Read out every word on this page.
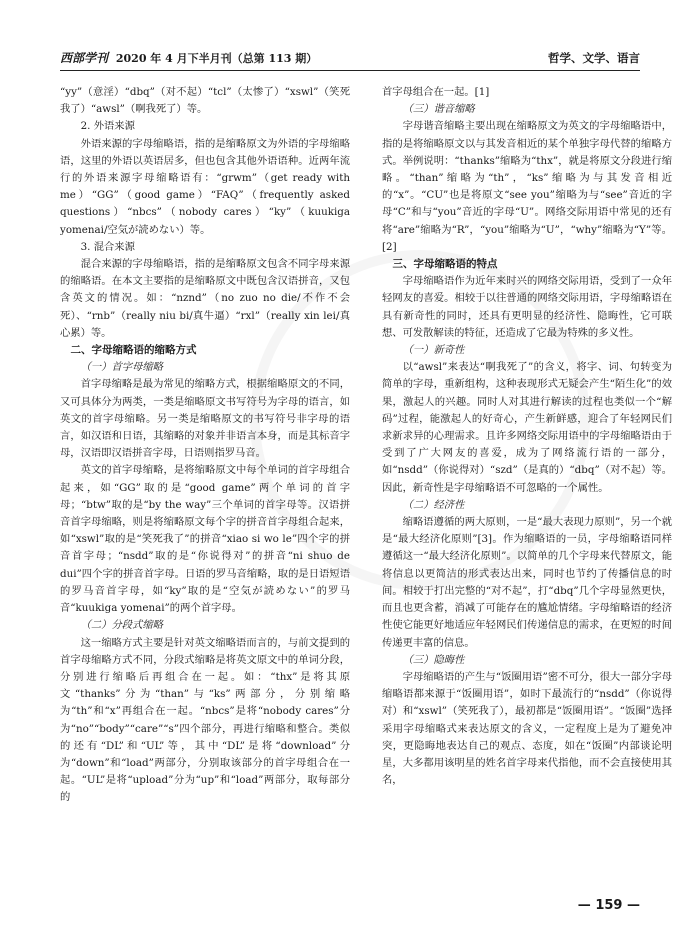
西部学刊 2020 年 4 月下半月刊（总第 113 期）	哲学、文学、语言

“yy”（意淫）“dbq”（对不起）“tcl”（太惨了）“xswl”（笑死我了）“awsl”（啊我死了）等。

2. 外语来源

外语来源的字母缩略语，指的是缩略原文为外语的字母缩略语，这里的外语以英语居多，但也包含其他外语语种。近两年流行的外语来源字母缩略语有：“grwm”（get ready with me）“GG”（good game）“FAQ”（frequently asked questions）“nbcs”（nobody cares）“ky”（kuukiga yomenai/空気が読めない）等。

3. 混合来源

混合来源的字母缩略语，指的是缩略原文包含不同字母来源的缩略语。在本文主要指的是缩略原文中既包含汉语拼音，又包含英文的情况。如：“nznd”（no zuo no die/不作不会死）、“rnb”（really niu bi/真牛逼）“rxl”（really xin lei/真心累）等。

二、字母缩略语的缩略方式

（一）首字母缩略

首字母缩略是最为常见的缩略方式，根据缩略原文的不同，又可具体分为两类，一类是缩略原文书写符号为字母的语言，如英文的首字母缩略。另一类是缩略原文的书写符号非字母的语言，如汉语和日语，其缩略的对象并非语言本身，而是其标音字母，汉语即汉语拼音字母，日语则指罗马音。

英文的首字母缩略，是将缩略原文中每个单词的首字母组合起来，如“GG”取的是“good game”两个单词的首字母；“btw”取的是“by the way”三个单词的首字母等。汉语拼音首字母缩略，则是将缩略原文每个字的拼音首字母组合起来，如“xswl”取的是“笑死我了”的拼音“xiao si wo le”四个字的拼音首字母；“nsdd”取的是“你说得对”的拼音“ni shuo de dui”四个字的拼音首字母。日语的罗马音缩略，取的是日语短语的罗马音首字母，如“ky”取的是“空気が読めない”的罗马音“kuukiga yomenai”的两个首字母。

（二）分段式缩略

这一缩略方式主要是针对英文缩略语而言的，与前文提到的首字母缩略方式不同，分段式缩略是将英文原文中的单词分段，分别进行缩略后再组合在一起。如：“thx”是将其原文“thanks”分为“than”与“ks”两部分，分别缩略为“th”和“x”再组合在一起。“nbcs”是将“nobody cares”分为“no”“body”“care”“s”四个部分，再进行缩略和整合。类似的还有“DL”和“UL”等，其中“DL”是将“download”分为“down”和“load”两部分，分别取该部分的首字母组合在一起。“UL”是将“upload”分为“up”和“load”两部分，取每部分的

首字母组合在一起。[1]

（三）谐音缩略

字母谐音缩略主要出现在缩略原文为英文的字母缩略语中，指的是将缩略原文以与其发音相近的某个单独字母代替的缩略方式。举例说明：“thanks”缩略为“thx”，就是将原文分段进行缩略。“than”缩略为“th”，“ks”缩略为与其发音相近的“x”。“CU”也是将原文“see you”缩略为与“see”音近的字母“C”和与“you”音近的字母“U”。网络交际用语中常见的还有将“are”缩略为“R”，“you”缩略为“U”，“why”缩略为“Y”等。[2]

三、字母缩略语的特点

字母缩略语作为近年来时兴的网络交际用语，受到了一众年轻网友的喜爱。相较于以往普通的网络交际用语，字母缩略语在具有新奇性的同时，还具有更明显的经济性、隐晦性，它可联想、可发散解读的特征，还造成了它最为特殊的多义性。

（一）新奇性

以“awsl”来表达“啊我死了”的含义，将字、词、句转变为简单的字母，重新组构，这种表现形式无疑会产生“陌生化”的效果，激起人的兴趣。同时人对其进行解读的过程也类似一个“解码”过程，能激起人的好奇心，产生新鲜感，迎合了年轻网民们求新求异的心理需求。且许多网络交际用语中的字母缩略语由于受到了广大网友的喜爱，成为了网络流行语的一部分，如“nsdd”（你说得对）“szd”（是真的）“dbq”（对不起）等。因此，新奇性是字母缩略语不可忽略的一个属性。

（二）经济性

缩略语遵循的两大原则，一是“最大表现力原则”，另一个就是“最大经济化原则”[3]。作为缩略语的一员，字母缩略语同样遵循这一“最大经济化原则”。以简单的几个字母来代替原文，能将信息以更简洁的形式表达出来，同时也节约了传播信息的时间。相较于打出完整的“对不起”，打“dbq”几个字母显然更快，而且也更含蓄，消减了可能存在的尴尬情绪。字母缩略语的经济性使它能更好地适应年轻网民们传递信息的需求，在更短的时间传递更丰富的信息。

（三）隐晦性

字母缩略语的产生与“饭圈用语”密不可分，很大一部分字母缩略语都来源于“饭圈用语”，如时下最流行的“nsdd”（你说得对）和“xswl”（笑死我了），最初都是“饭圈用语”。“饭圈”选择采用字母缩略式来表达原文的含义，一定程度上是为了避免冲突，更隐晦地表达自己的观点、态度，如在“饭圈”内部谈论明星，大多都用该明星的姓名首字母来代指他，而不会直接使用其名，

— 159 —
